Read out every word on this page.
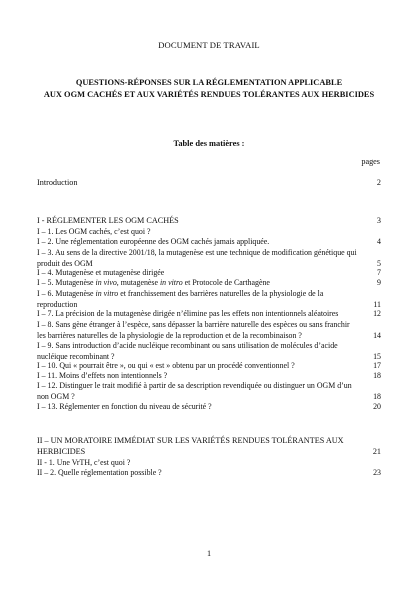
DOCUMENT DE TRAVAIL
QUESTIONS-RÉPONSES SUR LA RÉGLEMENTATION APPLICABLE
AUX OGM CACHÉS ET AUX VARIÉTÉS RENDUES TOLÉRANTES AUX HERBICIDES
Table des matières :
pages
Introduction	2
I - RÉGLEMENTER LES OGM CACHÉS	3
I – 1. Les OGM cachés, c’est quoi ?
I – 2. Une réglementation européenne des OGM cachés jamais appliquée.	4
I – 3. Au sens de la directive 2001/18, la mutagenèse est une technique de modification génétique qui produit des OGM	5
I – 4. Mutagenèse et mutagenèse dirigée	7
I – 5. Mutagenèse in vivo, mutagenèse in vitro et Protocole de Carthagène	9
I – 6. Mutagenèse in vitro et franchissement des barrières naturelles de la physiologie de la reproduction	11
I – 7. La précision de la mutagenèse dirigée n’élimine pas les effets non intentionnels aléatoires	12
I – 8. Sans gène étranger à l’espèce, sans dépasser la barrière naturelle des espèces ou sans franchir les barrières naturelles de la physiologie de la reproduction et de la recombinaison ?	14
I – 9. Sans introduction d’acide nucléique recombinant ou sans utilisation de molécules d’acide nucléique recombinant ?	15
I – 10. Qui « pourrait être », ou qui « est » obtenu par un procédé conventionnel ?	17
I – 11. Moins d’effets non intentionnels ?	18
I – 12. Distinguer le trait modifié à partir de sa description revendiquée ou distinguer un OGM d’un non OGM ?	18
I – 13. Réglementer en fonction du niveau de sécurité ?	20
II – UN MORATOIRE IMMÉDIAT SUR LES VARIÉTÉS RENDUES TOLÉRANTES AUX HERBICIDES	21
II - 1. Une VrTH, c’est quoi ?
II – 2. Quelle réglementation possible ?	23
1
